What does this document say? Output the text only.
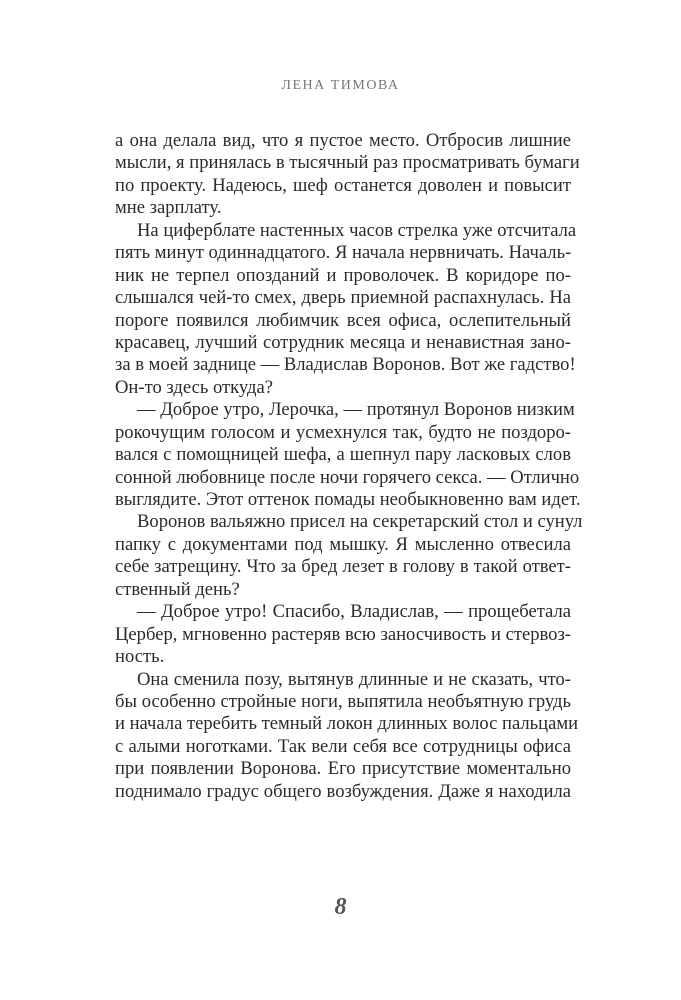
ЛЕНА ТИМОВА
а она делала вид, что я пустое место. Отбросив лишние
мысли, я принялась в тысячный раз просматривать бумаги
по проекту. Надеюсь, шеф останется доволен и повысит
мне зарплату.
На циферблате настенных часов стрелка уже отсчитала
пять минут одиннадцатого. Я начала нервничать. Началь-
ник не терпел опозданий и проволочек. В коридоре по-
слышался чей-то смех, дверь приемной распахнулась. На
пороге появился любимчик всея офиса, ослепительный
красавец, лучший сотрудник месяца и ненавистная зано-
за в моей заднице — Владислав Воронов. Вот же гадство!
Он-то здесь откуда?
— Доброе утро, Лерочка, — протянул Воронов низким
рокочущим голосом и усмехнулся так, будто не поздоро-
вался с помощницей шефа, а шепнул пару ласковых слов
сонной любовнице после ночи горячего секса. — Отлично
выглядите. Этот оттенок помады необыкновенно вам идет.
Воронов вальяжно присел на секретарский стол и сунул
папку с документами под мышку. Я мысленно отвесила
себе затрещину. Что за бред лезет в голову в такой ответ-
ственный день?
— Доброе утро! Спасибо, Владислав, — прощебетала
Цербер, мгновенно растеряв всю заносчивость и стервоз-
ность.
Она сменила позу, вытянув длинные и не сказать, что-
бы особенно стройные ноги, выпятила необъятную грудь
и начала теребить темный локон длинных волос пальцами
с алыми ноготками. Так вели себя все сотрудницы офиса
при появлении Воронова. Его присутствие моментально
поднимало градус общего возбуждения. Даже я находила
8
